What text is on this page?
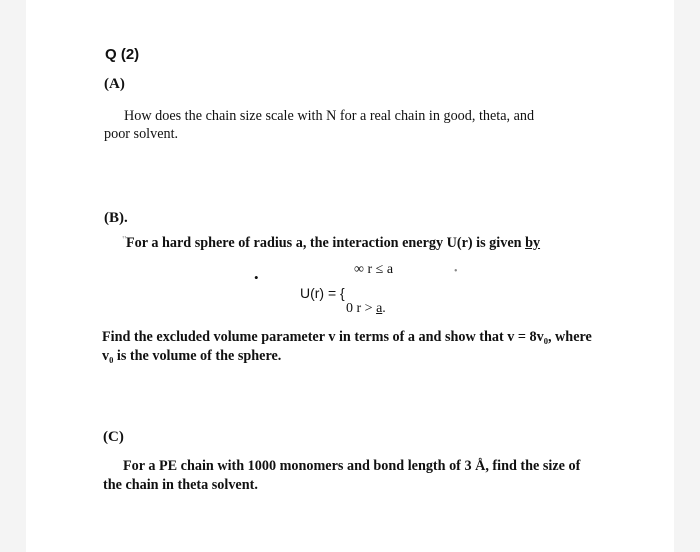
Q (2)
(A)
How does the chain size scale with N for a real chain in good, theta, and
poor solvent.
(B).
" For a hard sphere of radius a, the interaction energy U(r) is given by
•	•
∞ r ≤ a
U(r) = {
0 r > a.
Find the excluded volume parameter v in terms of a and show that v = 8v₀, where
v₀ is the volume of the sphere.
(C)
For a PE chain with 1000 monomers and bond length of 3 Å, find the size of
the chain in theta solvent.
